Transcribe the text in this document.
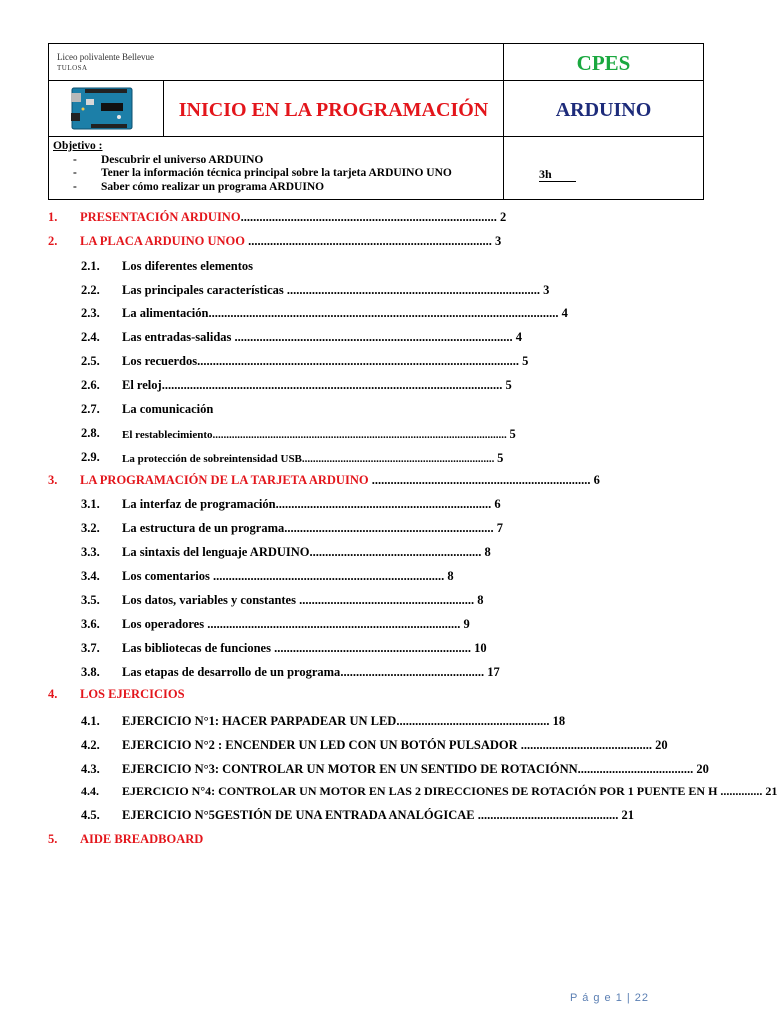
Liceo polivalente Bellevue
TULOSA	CPES
INICIO EN LA PROGRAMACIÓN	ARDUINO
Objetivo :
- Descubrir el universo ARDUINO
- Tener la información técnica principal sobre la tarjeta ARDUINO UNO
- Saber cómo realizar un programa ARDUINO
3h
1. PRESENTACIÓN ARDUINO.................................................................................. 2
2. LA PLACA ARDUINO UNOO .............................................................................. 3
2.1. Los diferentes elementos
2.2. Las principales características ................................................................................. 3
2.3. La alimentación................................................................................................................ 4
2.4. Las entradas-salidas ......................................................................................... 4
2.5. Los recuerdos....................................................................................................... 5
2.6. El reloj............................................................................................................. 5
2.7. La comunicación
2.8. El restablecimiento........................................................................................................... 5
2.9. La protección de sobreintensidad USB...................................................................... 5
3. LA PROGRAMACIÓN DE LA TARJETA ARDUINO ...................................................................... 6
3.1. La interfaz de programación..................................................................... 6
3.2. La estructura de un programa................................................................... 7
3.3. La sintaxis del lenguaje ARDUINO....................................................... 8
3.4. Los comentarios .......................................................................... 8
3.5. Los datos, variables y constantes ........................................................ 8
3.6. Los operadores ................................................................................. 9
3.7. Las bibliotecas de funciones ............................................................... 10
3.8. Las etapas de desarrollo de un programa.............................................. 17
4. LOS EJERCICIOS
4.1. EJERCICIO N°1: HACER PARPADEAR UN LED................................................. 18
4.2. EJERCICIO N°2 : ENCENDER UN LED CON UN BOTÓN PULSADOR .......................................... 20
4.3. EJERCICIO N°3: CONTROLAR UN MOTOR EN UN SENTIDO DE ROTACIÓNN..................................... 20
4.4. EJERCICIO N°4: CONTROLAR UN MOTOR EN LAS 2 DIRECCIONES DE ROTACIÓN POR 1 PUENTE EN H .............. 21
4.5. EJERCICIO N°5GESTIÓN DE UNA ENTRADA ANALÓGICAE ............................................. 21
5. AIDE BREADBOARD
P á g e 1 | 22
